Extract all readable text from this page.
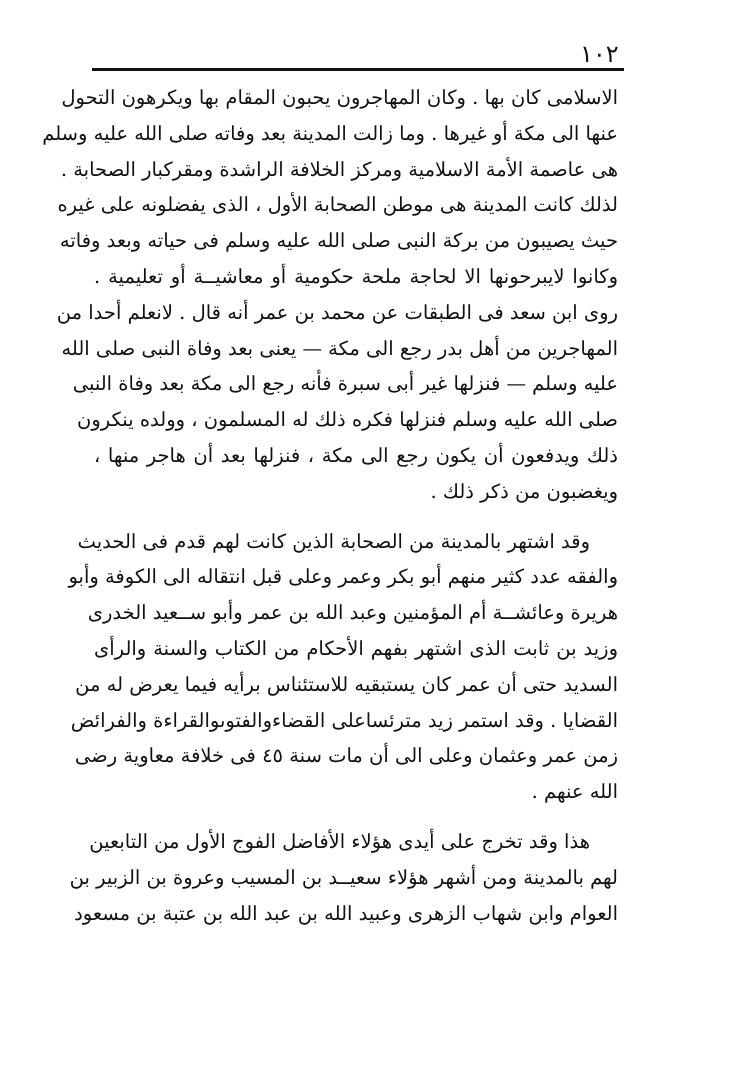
١٠٢
الاسلامى كان بها . وكان المهاجرون يحبون المقام بها ويكرهون التحول
عنها الى مكة أو غيرها . وما زالت المدينة بعد وفاته صلى الله عليه وسلم
هى عاصمة الأمة الاسلامية ومركز الخلافة الراشدة ومقركبار الصحابة .
لذلك كانت المدينة هى موطن الصحابة الأول ، الذى يفضلونه على غيره
حيث يصيبون من بركة النبى صلى الله عليه وسلم فى حياته وبعد وفاته
وكانوا لايبرحونها الا لحاجة ملحة حكومية أو معاشيــة أو تعليمية .
روى ابن سعد فى الطبقات عن محمد بن عمر أنه قال . لانعلم أحدا من
المهاجرين من أهل بدر رجع الى مكة — يعنى بعد وفاة النبى صلى الله
عليه وسلم — فنزلها غير أبى سبرة فأنه رجع الى مكة بعد وفاة النبى
صلى الله عليه وسلم فنزلها فكره ذلك له المسلمون ، وولده ينكرون
ذلك ويدفعون أن يكون رجع الى مكة ، فنزلها بعد أن هاجر منها ،
ويغضبون من ذكر ذلك .
وقد اشتهر بالمدينة من الصحابة الذين كانت لهم قدم فى الحديث
والفقه عدد كثير منهم أبو بكر وعمر وعلى قبل انتقاله الى الكوفة وأبو
هريرة وعائشــة أم المؤمنين وعبد الله بن عمر وأبو ســعيد الخدرى
وزيد بن ثابت الذى اشتهر بفهم الأحكام من الكتاب والسنة والرأى
السديد حتى أن عمر كان يستبقيه للاستئناس برأيه فيما يعرض له من
القضايا . وقد استمر زيد مترئساعلى القضاءوالفتوىوالقراءة والفرائض
زمن عمر وعثمان وعلى الى أن مات سنة ٤٥ فى خلافة معاوية رضى
الله عنهم .
هذا وقد تخرج على أيدى هؤلاء الأفاضل الفوج الأول من التابعين
لهم بالمدينة ومن أشهر هؤلاء سعيــد بن المسيب وعروة بن الزبير بن
العوام وابن شهاب الزهرى وعبيد الله بن عبد الله بن عتبة بن مسعود
